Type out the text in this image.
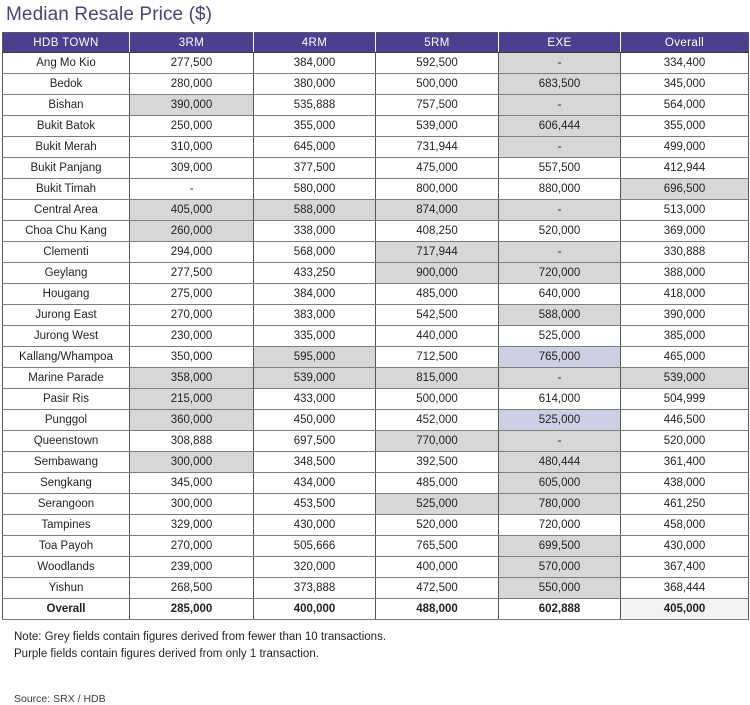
Median Resale Price ($)
HDB TOWN	3RM	4RM	5RM	EXE	Overall
Ang Mo Kio	277,500	384,000	592,500	-	334,400
Bedok	280,000	380,000	500,000	683,500	345,000
Bishan	390,000	535,888	757,500	-	564,000
Bukit Batok	250,000	355,000	539,000	606,444	355,000
Bukit Merah	310,000	645,000	731,944	-	499,000
Bukit Panjang	309,000	377,500	475,000	557,500	412,944
Bukit Timah	-	580,000	800,000	880,000	696,500
Central Area	405,000	588,000	874,000	-	513,000
Choa Chu Kang	260,000	338,000	408,250	520,000	369,000
Clementi	294,000	568,000	717,944	-	330,888
Geylang	277,500	433,250	900,000	720,000	388,000
Hougang	275,000	384,000	485,000	640,000	418,000
Jurong East	270,000	383,000	542,500	588,000	390,000
Jurong West	230,000	335,000	440,000	525,000	385,000
Kallang/Whampoa	350,000	595,000	712,500	765,000	465,000
Marine Parade	358,000	539,000	815,000	-	539,000
Pasir Ris	215,000	433,000	500,000	614,000	504,999
Punggol	360,000	450,000	452,000	525,000	446,500
Queenstown	308,888	697,500	770,000	-	520,000
Sembawang	300,000	348,500	392,500	480,444	361,400
Sengkang	345,000	434,000	485,000	605,000	438,000
Serangoon	300,000	453,500	525,000	780,000	461,250
Tampines	329,000	430,000	520,000	720,000	458,000
Toa Payoh	270,000	505,666	765,500	699,500	430,000
Woodlands	239,000	320,000	400,000	570,000	367,400
Yishun	268,500	373,888	472,500	550,000	368,444
Overall	285,000	400,000	488,000	602,888	405,000
Note: Grey fields contain figures derived from fewer than 10 transactions.
Purple fields contain figures derived from only 1 transaction.
Source: SRX / HDB
